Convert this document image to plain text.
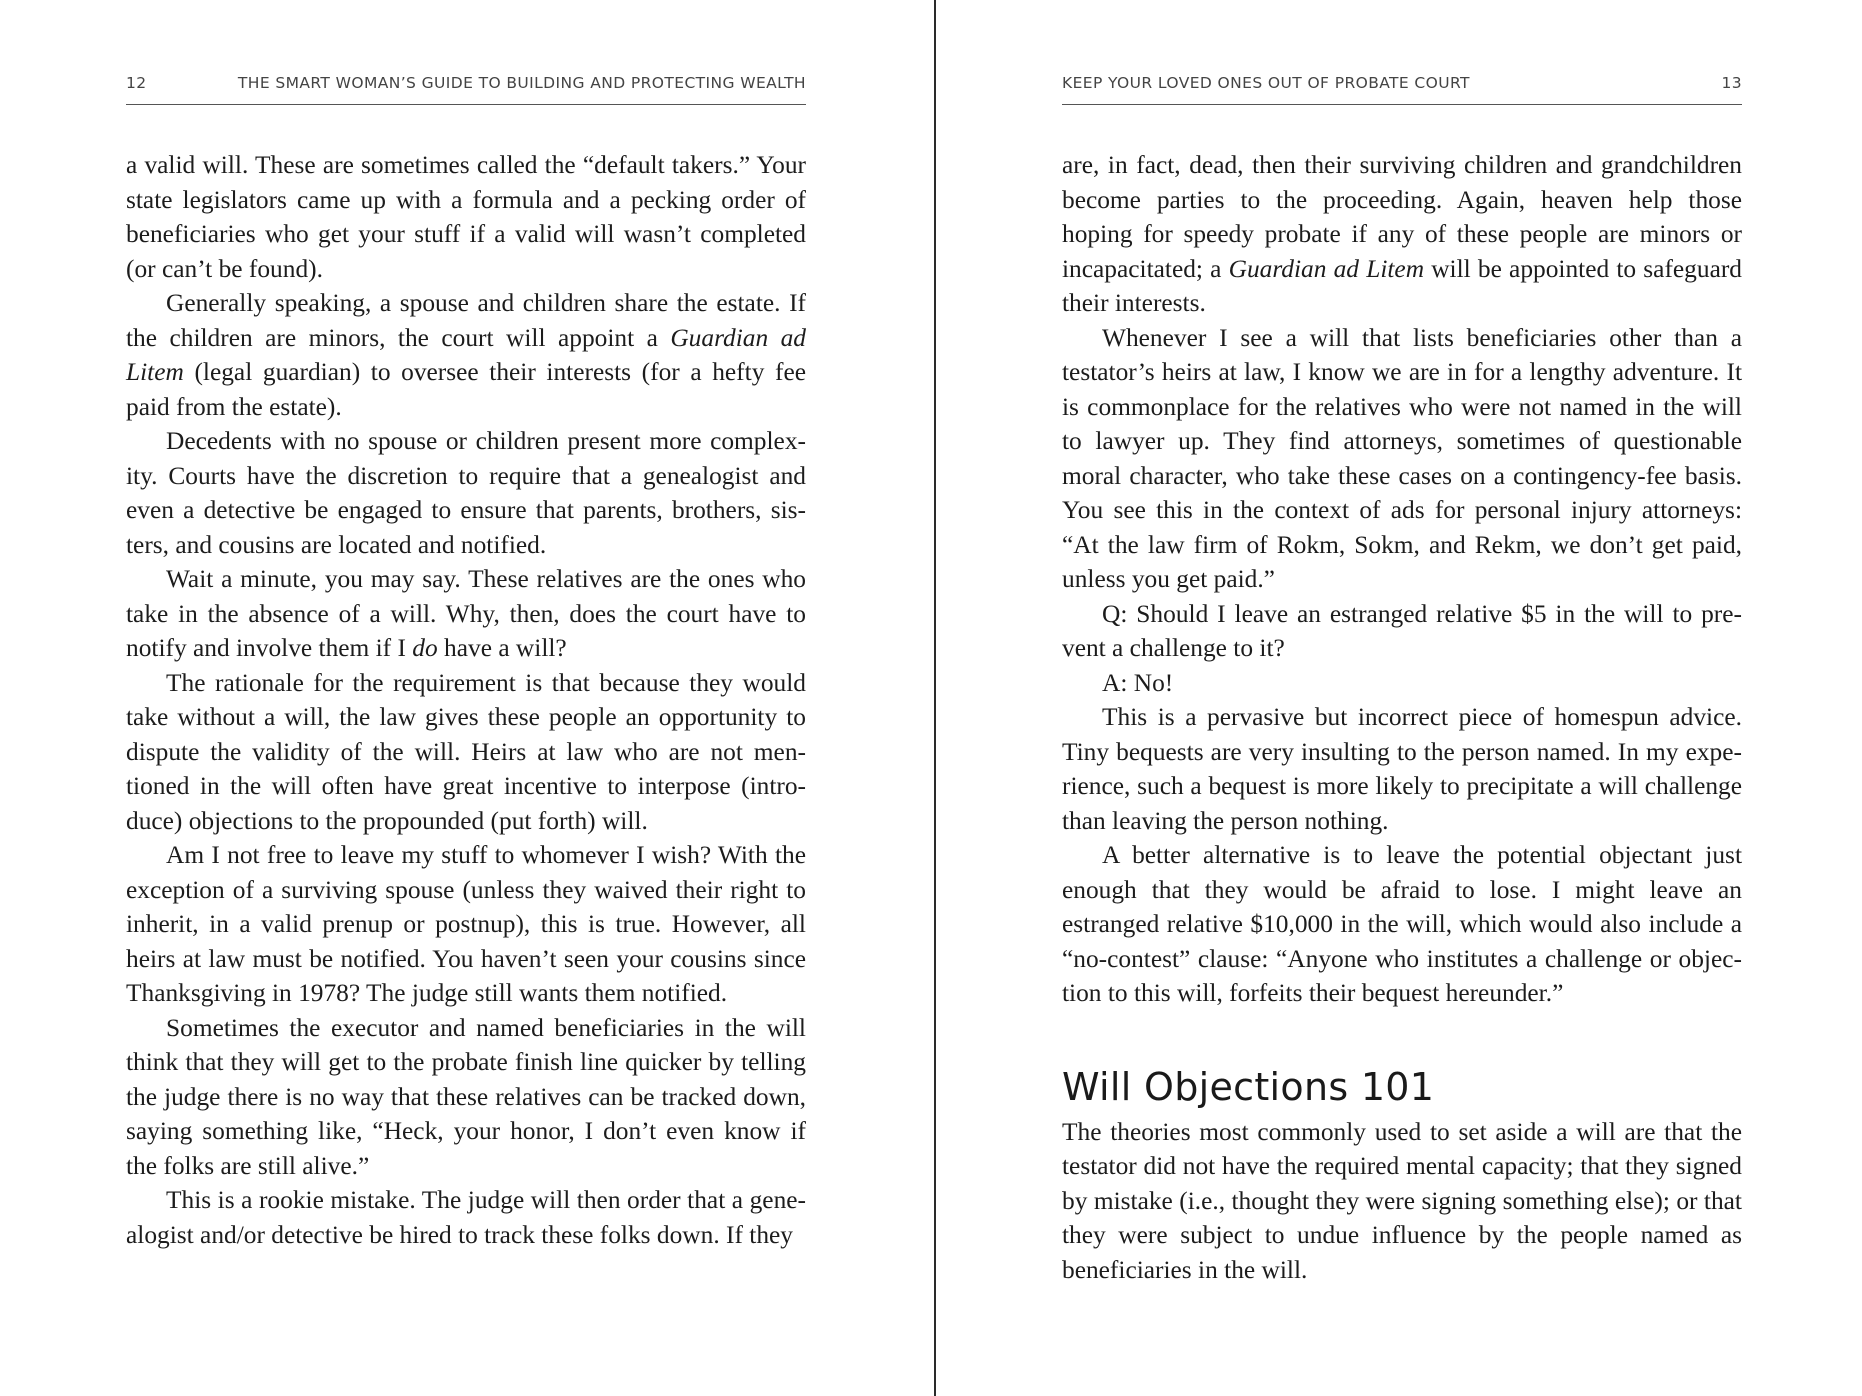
12	THE SMART WOMAN’S GUIDE TO BUILDING AND PROTECTING WEALTH

a valid will. These are sometimes called the “default takers.” Your state legislators came up with a formula and a pecking order of beneficiaries who get your stuff if a valid will wasn’t completed (or can’t be found).

Generally speaking, a spouse and children share the estate. If the children are minors, the court will appoint a Guardian ad Litem (legal guardian) to oversee their interests (for a hefty fee paid from the estate).

Decedents with no spouse or children present more complexity. Courts have the discretion to require that a genealogist and even a detective be engaged to ensure that parents, brothers, sisters, and cousins are located and notified.

Wait a minute, you may say. These relatives are the ones who take in the absence of a will. Why, then, does the court have to notify and involve them if I do have a will?

The rationale for the requirement is that because they would take without a will, the law gives these people an opportunity to dispute the validity of the will. Heirs at law who are not mentioned in the will often have great incentive to interpose (introduce) objections to the propounded (put forth) will.

Am I not free to leave my stuff to whomever I wish? With the exception of a surviving spouse (unless they waived their right to inherit, in a valid prenup or postnup), this is true. However, all heirs at law must be notified. You haven’t seen your cousins since Thanksgiving in 1978? The judge still wants them notified.

Sometimes the executor and named beneficiaries in the will think that they will get to the probate finish line quicker by telling the judge there is no way that these relatives can be tracked down, saying something like, “Heck, your honor, I don’t even know if the folks are still alive.”

This is a rookie mistake. The judge will then order that a genealogist and/or detective be hired to track these folks down. If they

KEEP YOUR LOVED ONES OUT OF PROBATE COURT	13

are, in fact, dead, then their surviving children and grandchildren become parties to the proceeding. Again, heaven help those hoping for speedy probate if any of these people are minors or incapacitated; a Guardian ad Litem will be appointed to safeguard their interests.

Whenever I see a will that lists beneficiaries other than a testator’s heirs at law, I know we are in for a lengthy adventure. It is commonplace for the relatives who were not named in the will to lawyer up. They find attorneys, sometimes of questionable moral character, who take these cases on a contingency-fee basis. You see this in the context of ads for personal injury attorneys: “At the law firm of Rokm, Sokm, and Rekm, we don’t get paid, unless you get paid.”

Q: Should I leave an estranged relative $5 in the will to prevent a challenge to it?

A: No!

This is a pervasive but incorrect piece of homespun advice. Tiny bequests are very insulting to the person named. In my experience, such a bequest is more likely to precipitate a will challenge than leaving the person nothing.

A better alternative is to leave the potential objectant just enough that they would be afraid to lose. I might leave an estranged relative $10,000 in the will, which would also include a “no-contest” clause: “Anyone who institutes a challenge or objection to this will, forfeits their bequest hereunder.”

Will Objections 101

The theories most commonly used to set aside a will are that the testator did not have the required mental capacity; that they signed by mistake (i.e., thought they were signing something else); or that they were subject to undue influence by the people named as beneficiaries in the will.
